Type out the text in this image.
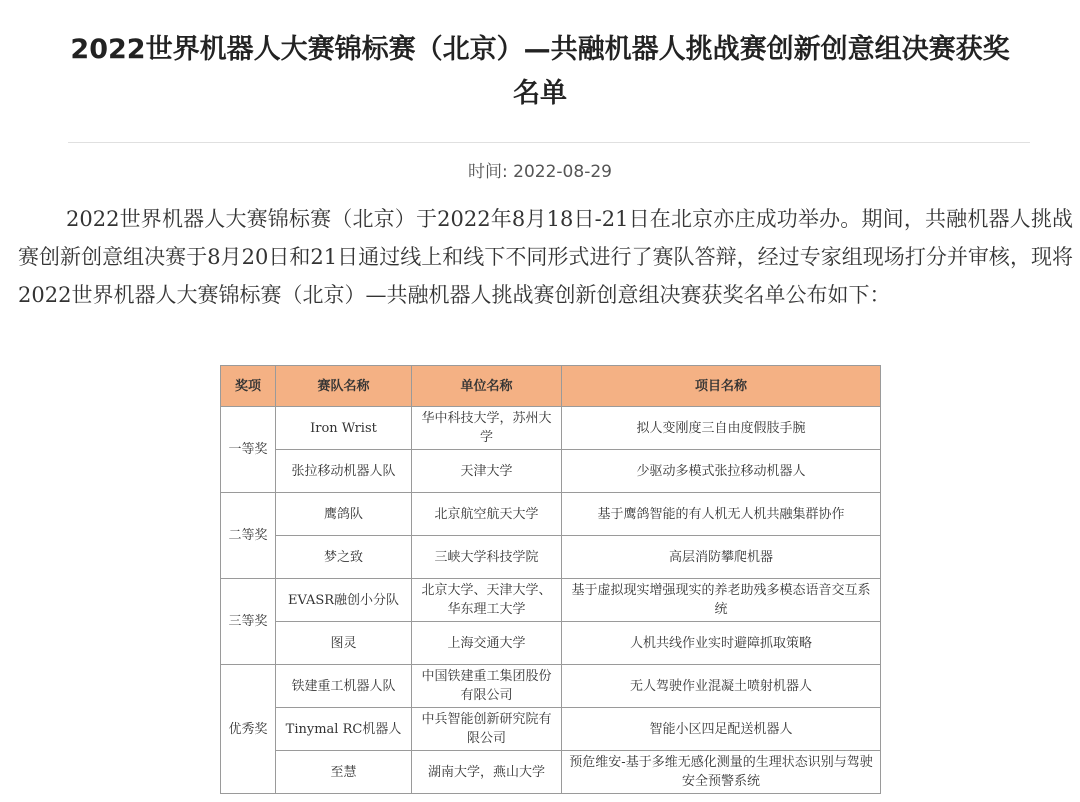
2022世界机器人大赛锦标赛（北京）—共融机器人挑战赛创新创意组决赛获奖名单
时间: 2022-08-29

2022世界机器人大赛锦标赛（北京）于2022年8月18日-21日在北京亦庄成功举办。期间，共融机器人挑战赛创新创意组决赛于8月20日和21日通过线上和线下不同形式进行了赛队答辩，经过专家组现场打分并审核，现将2022世界机器人大赛锦标赛（北京）—共融机器人挑战赛创新创意组决赛获奖名单公布如下：

奖项	赛队名称	单位名称	项目名称
一等奖	Iron Wrist	华中科技大学，苏州大学	拟人变刚度三自由度假肢手腕
	张拉移动机器人队	天津大学	少驱动多模式张拉移动机器人
二等奖	鹰鸽队	北京航空航天大学	基于鹰鸽智能的有人机无人机共融集群协作
	梦之致	三峡大学科技学院	高层消防攀爬机器
三等奖	EVASR融创小分队	北京大学、天津大学、华东理工大学	基于虚拟现实增强现实的养老助残多模态语音交互系统
	图灵	上海交通大学	人机共线作业实时避障抓取策略
优秀奖	铁建重工机器人队	中国铁建重工集团股份有限公司	无人驾驶作业混凝土喷射机器人
	Tinymal RC机器人	中兵智能创新研究院有限公司	智能小区四足配送机器人
	至慧	湖南大学，燕山大学	预危维安-基于多维无感化测量的生理状态识别与驾驶安全预警系统
